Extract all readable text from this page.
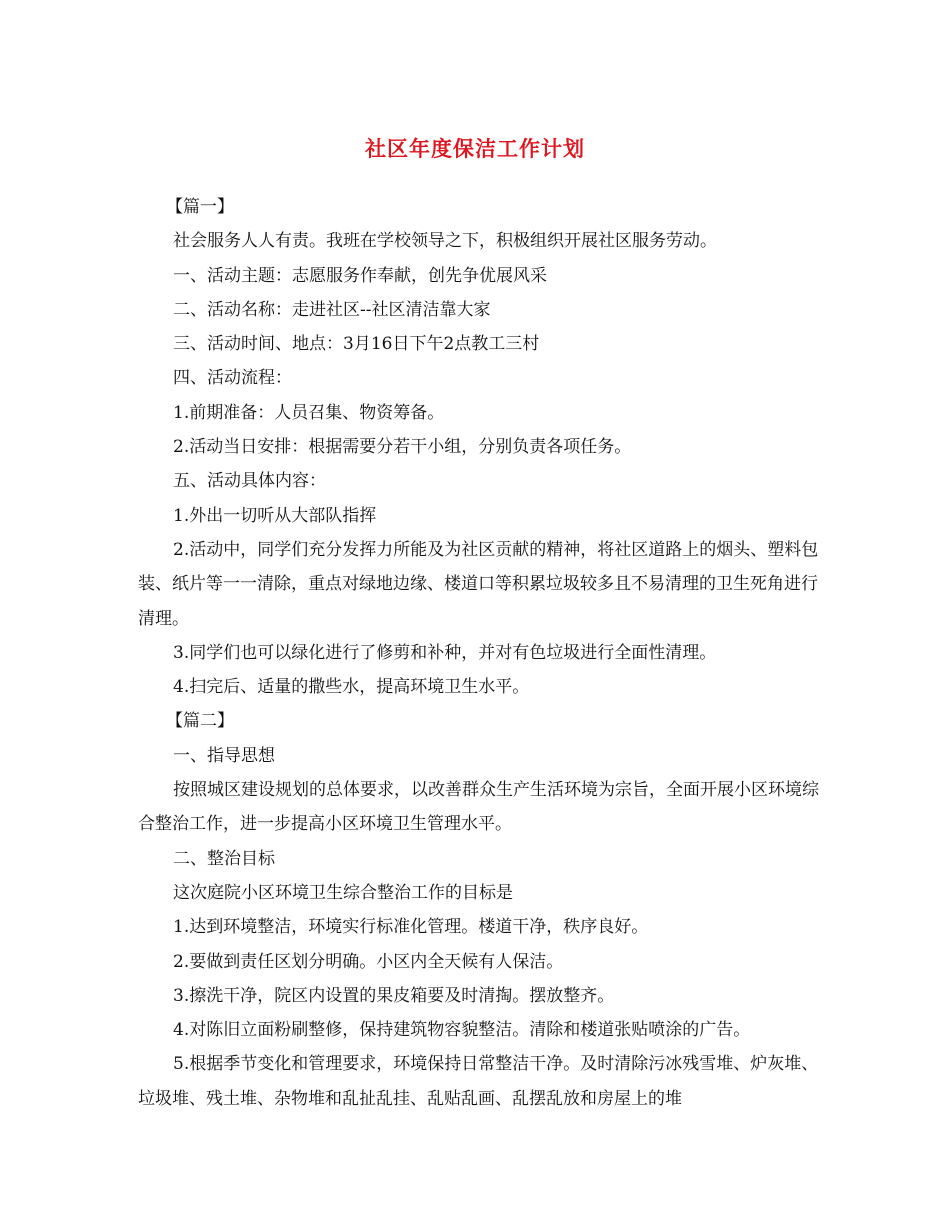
社区年度保洁工作计划

【篇一】

社会服务人人有责。我班在学校领导之下，积极组织开展社区服务劳动。

一、活动主题：志愿服务作奉献，创先争优展风采

二、活动名称：走进社区--社区清洁靠大家

三、活动时间、地点：3月16日下午2点教工三村

四、活动流程：

1.前期准备：人员召集、物资筹备。

2.活动当日安排：根据需要分若干小组，分别负责各项任务。

五、活动具体内容：

1.外出一切听从大部队指挥

2.活动中，同学们充分发挥力所能及为社区贡献的精神，将社区道路上的烟头、塑料包装、纸片等一一清除，重点对绿地边缘、楼道口等积累垃圾较多且不易清理的卫生死角进行清理。

3.同学们也可以绿化进行了修剪和补种，并对有色垃圾进行全面性清理。

4.扫完后、适量的撒些水，提高环境卫生水平。

【篇二】

一、指导思想

按照城区建设规划的总体要求，以改善群众生产生活环境为宗旨，全面开展小区环境综合整治工作，进一步提高小区环境卫生管理水平。

二、整治目标

这次庭院小区环境卫生综合整治工作的目标是

1.达到环境整洁，环境实行标准化管理。楼道干净，秩序良好。

2.要做到责任区划分明确。小区内全天候有人保洁。

3.擦洗干净，院区内设置的果皮箱要及时清掏。摆放整齐。

4.对陈旧立面粉刷整修，保持建筑物容貌整洁。清除和楼道张贴喷涂的广告。

5.根据季节变化和管理要求，环境保持日常整洁干净。及时清除污冰残雪堆、炉灰堆、垃圾堆、残土堆、杂物堆和乱扯乱挂、乱贴乱画、乱摆乱放和房屋上的堆
